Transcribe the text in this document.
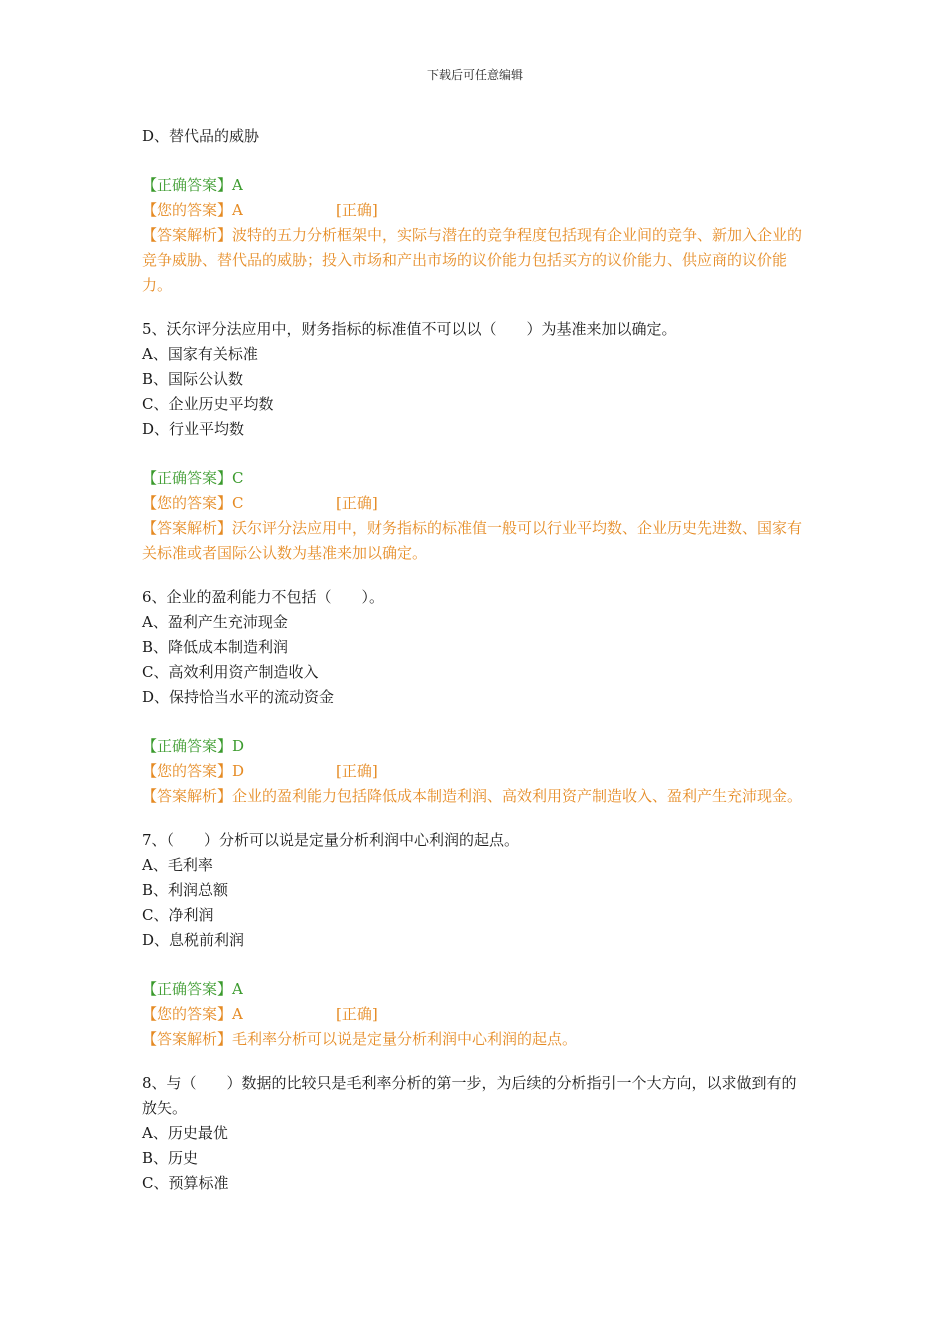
下载后可任意编辑
D、替代品的威胁
【正确答案】A
【您的答案】A	[正确]
【答案解析】波特的五力分析框架中，实际与潜在的竞争程度包括现有企业间的竞争、新加入企业的竞争威胁、替代品的威胁；投入市场和产出市场的议价能力包括买方的议价能力、供应商的议价能力。
5、沃尔评分法应用中，财务指标的标准值不可以以（　　）为基准来加以确定。
A、国家有关标准
B、国际公认数
C、企业历史平均数
D、行业平均数
【正确答案】C
【您的答案】C	[正确]
【答案解析】沃尔评分法应用中，财务指标的标准值一般可以行业平均数、企业历史先进数、国家有关标准或者国际公认数为基准来加以确定。
6、企业的盈利能力不包括（　　）。
A、盈利产生充沛现金
B、降低成本制造利润
C、高效利用资产制造收入
D、保持恰当水平的流动资金
【正确答案】D
【您的答案】D	[正确]
【答案解析】企业的盈利能力包括降低成本制造利润、高效利用资产制造收入、盈利产生充沛现金。
7、（　　）分析可以说是定量分析利润中心利润的起点。
A、毛利率
B、利润总额
C、净利润
D、息税前利润
【正确答案】A
【您的答案】A	[正确]
【答案解析】毛利率分析可以说是定量分析利润中心利润的起点。
8、与（　　）数据的比较只是毛利率分析的第一步，为后续的分析指引一个大方向，以求做到有的放矢。
A、历史最优
B、历史
C、预算标准
